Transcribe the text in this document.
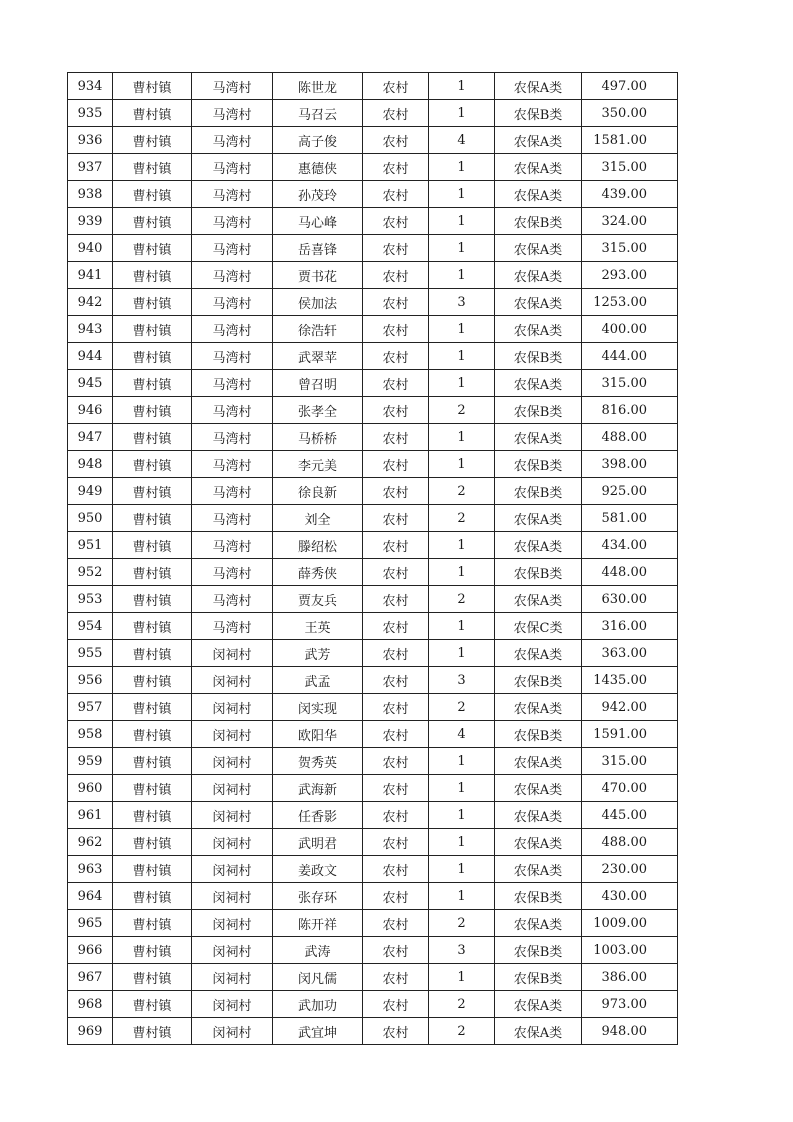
934	曹村镇	马湾村	陈世龙	农村	1	农保A类	497.00
935	曹村镇	马湾村	马召云	农村	1	农保B类	350.00
936	曹村镇	马湾村	高子俊	农村	4	农保A类	1581.00
937	曹村镇	马湾村	惠德侠	农村	1	农保A类	315.00
938	曹村镇	马湾村	孙茂玲	农村	1	农保A类	439.00
939	曹村镇	马湾村	马心峰	农村	1	农保B类	324.00
940	曹村镇	马湾村	岳喜锋	农村	1	农保A类	315.00
941	曹村镇	马湾村	贾书花	农村	1	农保A类	293.00
942	曹村镇	马湾村	侯加法	农村	3	农保A类	1253.00
943	曹村镇	马湾村	徐浩轩	农村	1	农保A类	400.00
944	曹村镇	马湾村	武翠苹	农村	1	农保B类	444.00
945	曹村镇	马湾村	曾召明	农村	1	农保A类	315.00
946	曹村镇	马湾村	张孝全	农村	2	农保B类	816.00
947	曹村镇	马湾村	马桥桥	农村	1	农保A类	488.00
948	曹村镇	马湾村	李元美	农村	1	农保B类	398.00
949	曹村镇	马湾村	徐良新	农村	2	农保B类	925.00
950	曹村镇	马湾村	刘全	农村	2	农保A类	581.00
951	曹村镇	马湾村	滕绍松	农村	1	农保A类	434.00
952	曹村镇	马湾村	薛秀侠	农村	1	农保B类	448.00
953	曹村镇	马湾村	贾友兵	农村	2	农保A类	630.00
954	曹村镇	马湾村	王英	农村	1	农保C类	316.00
955	曹村镇	闵祠村	武芳	农村	1	农保A类	363.00
956	曹村镇	闵祠村	武孟	农村	3	农保B类	1435.00
957	曹村镇	闵祠村	闵实现	农村	2	农保A类	942.00
958	曹村镇	闵祠村	欧阳华	农村	4	农保B类	1591.00
959	曹村镇	闵祠村	贺秀英	农村	1	农保A类	315.00
960	曹村镇	闵祠村	武海新	农村	1	农保A类	470.00
961	曹村镇	闵祠村	任香影	农村	1	农保A类	445.00
962	曹村镇	闵祠村	武明君	农村	1	农保A类	488.00
963	曹村镇	闵祠村	姜政文	农村	1	农保A类	230.00
964	曹村镇	闵祠村	张存环	农村	1	农保B类	430.00
965	曹村镇	闵祠村	陈开祥	农村	2	农保A类	1009.00
966	曹村镇	闵祠村	武涛	农村	3	农保B类	1003.00
967	曹村镇	闵祠村	闵凡儒	农村	1	农保B类	386.00
968	曹村镇	闵祠村	武加功	农村	2	农保A类	973.00
969	曹村镇	闵祠村	武宜坤	农村	2	农保A类	948.00
